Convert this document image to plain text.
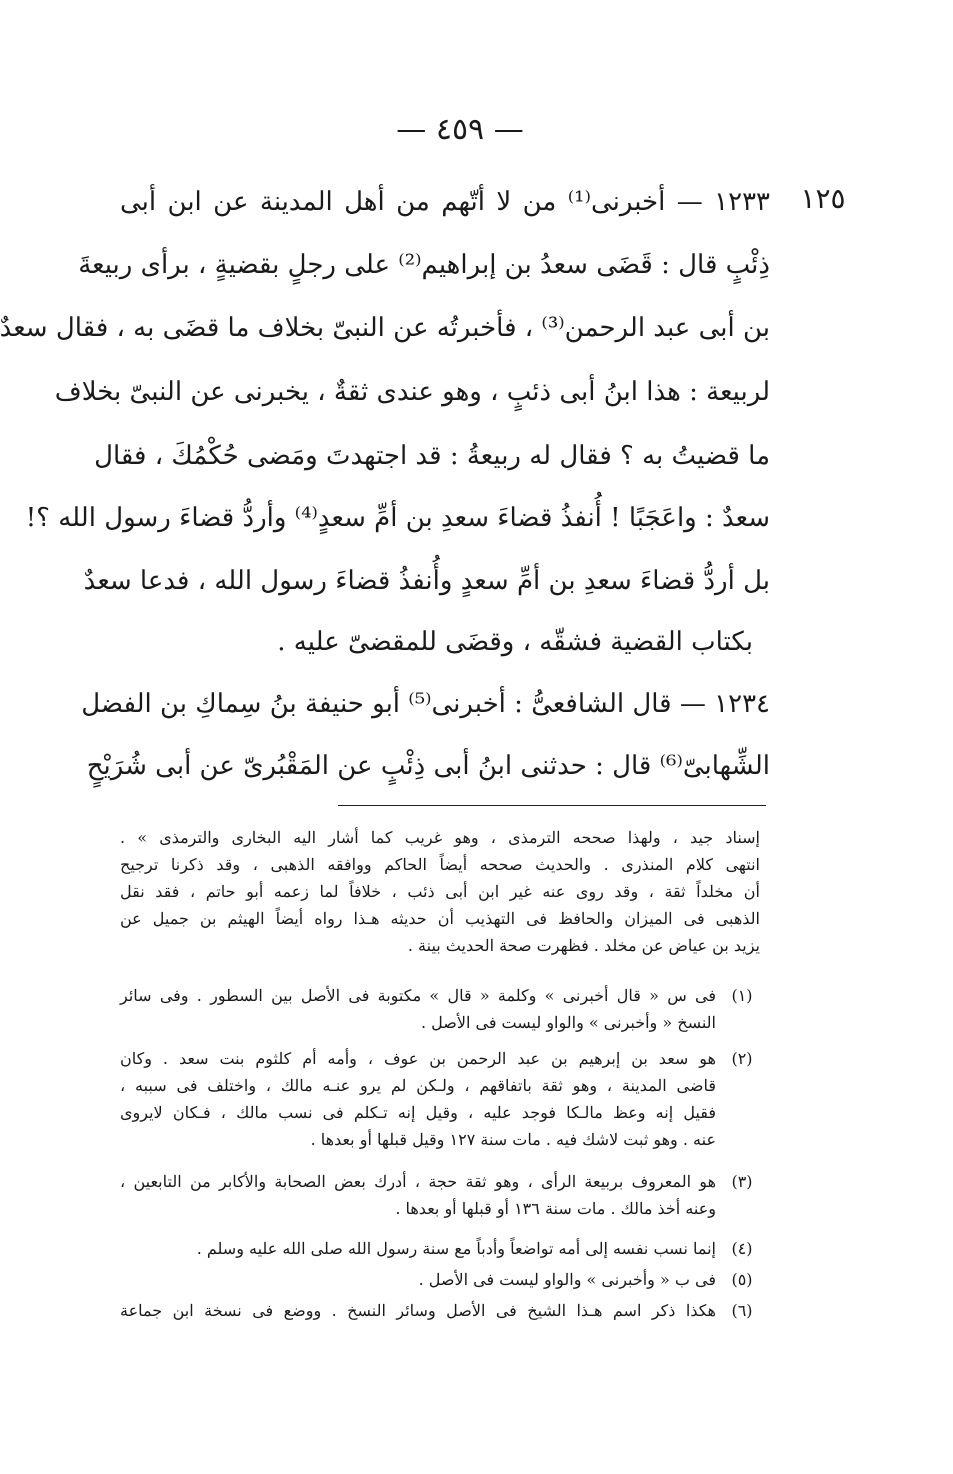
— ٤٥٩ —
١٢٥
١٢٣٣ — أخبرنى⁽¹⁾ من لا أتّهم من أهل المدينة عن ابن أبى
ذِئْبٍ قال : قَضَى سعدُ بن إبراهيم⁽²⁾ على رجلٍ بقضيةٍ ، برأى ربيعةَ
بن أبى عبد الرحمن⁽³⁾ ، فأخبرتُه عن النبىّ بخلاف ما قضَى به ، فقال سعدٌ
لربيعة : هذا ابنُ أبى ذئبٍ ، وهو عندى ثقةٌ ، يخبرنى عن النبىّ بخلاف
ما قضيتُ به ؟ فقال له ربيعةُ : قد اجتهدتَ ومَضى حُكْمُكَ ، فقال
سعدٌ : واعَجَبًا ! أُنفذُ قضاءَ سعدِ بن أمِّ سعدٍ⁽⁴⁾ وأردُّ قضاءَ رسول الله ؟!
بل أردُّ قضاءَ سعدِ بن أمِّ سعدٍ وأُنفذُ قضاءَ رسول الله ، فدعا سعدٌ
بكتاب القضية فشقّه ، وقضَى للمقضىّ عليه .
١٢٣٤ — قال الشافعىُّ : أخبرنى⁽⁵⁾ أبو حنيفة بنُ سِماكِ بن الفضل
الشِّهابىّ⁽⁶⁾ قال : حدثنى ابنُ أبى ذِئْبٍ عن المَقْبُرىّ عن أبى شُرَيْحٍ
إسناد جيد ، ولهذا صححه الترمذى ، وهو غريب كما أشار اليه البخارى والترمذى » .
انتهى كلام المنذرى . والحديث صححه أيضاً الحاكم ووافقه الذهبى ، وقد ذكرنا ترجيح
أن مخلداً ثقة ، وقد روى عنه غير ابن أبى ذئب ، خلافاً لما زعمه أبو حاتم ، فقد نقل
الذهبى فى الميزان والحافظ فى التهذيب أن حديثه هـذا رواه أيضاً الهيثم بن جميل عن
يزيد بن عياض عن مخلد . فظهرت صحة الحديث بينة .
(١)
فى س « قال أخبرنى » وكلمة « قال » مكتوبة فى الأصل بين السطور . وفى سائر
النسخ « وأخبرنى » والواو ليست فى الأصل .
(٢)
هو سعد بن إبرهيم بن عبد الرحمن بن عوف ، وأمه أم كلثوم بنت سعد . وكان
قاضى المدينة ، وهو ثقة باتفاقهم ، ولـكن لم يرو عنـه مالك ، واختلف فى سببه ،
فقيل إنه وعظ مالـكا فوجد عليه ، وقيل إنه تـكلم فى نسب مالك ، فـكان لايروى
عنه . وهو ثبت لاشك فيه . مات سنة ١٢٧ وقيل قبلها أو بعدها .
(٣)
هو المعروف بربيعة الرأى ، وهو ثقة حجة ، أدرك بعض الصحابة والأكابر من التابعين ،
وعنه أخذ مالك . مات سنة ١٣٦ أو قبلها أو بعدها .
(٤)
إنما نسب نفسه إلى أمه تواضعاً وأدباً مع سنة رسول الله صلى الله عليه وسلم .
(٥)
فى ب « وأخبرنى » والواو ليست فى الأصل .
(٦)
هكذا ذكر اسم هـذا الشيخ فى الأصل وسائر النسخ . ووضع فى نسخة ابن جماعة
